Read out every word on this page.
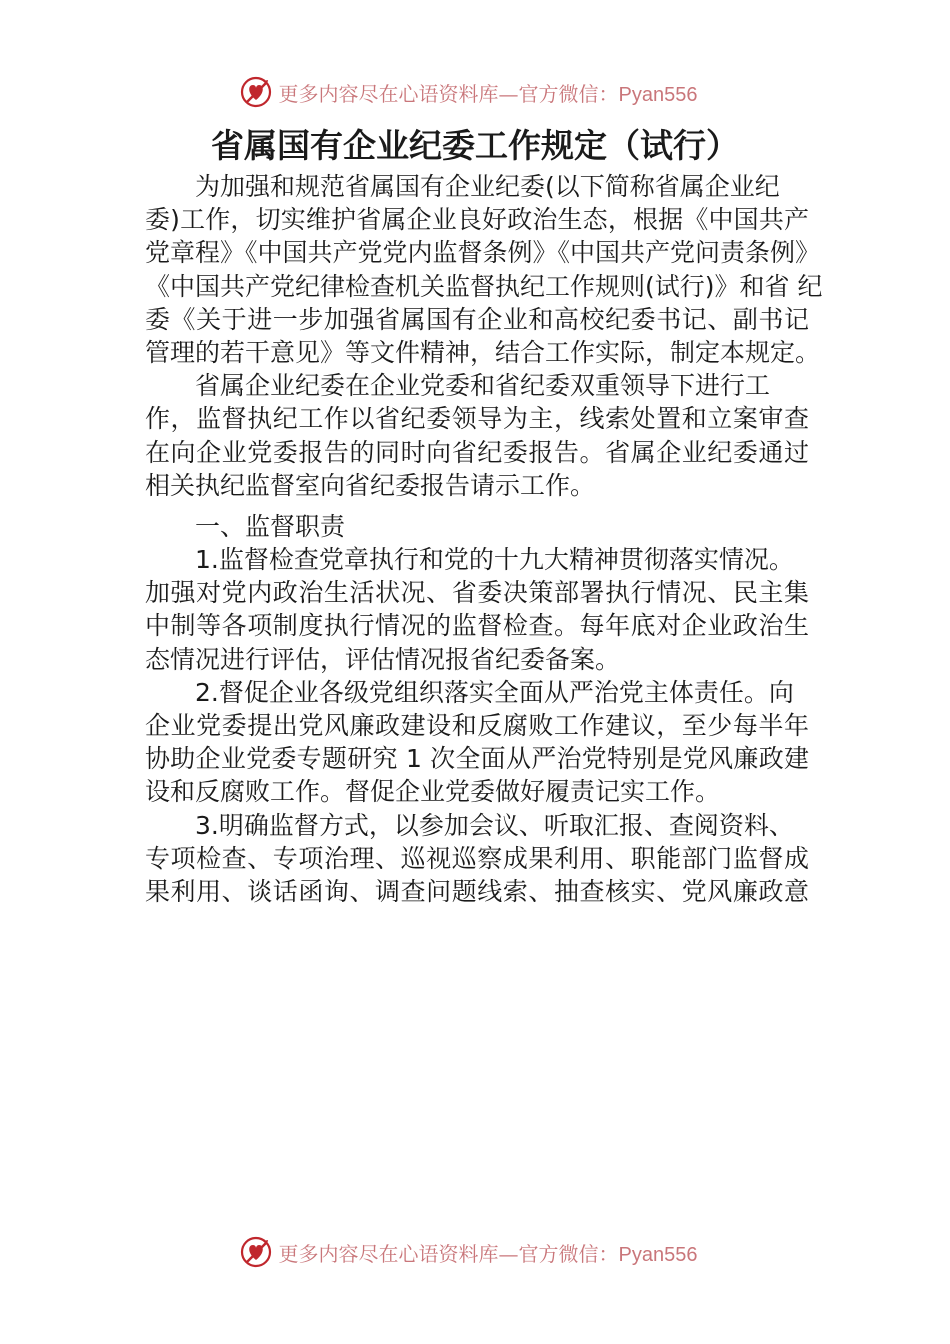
更多内容尽在心语资料库—官方微信：Pyan556
省属国有企业纪委工作规定（试行）
为加强和规范省属国有企业纪委(以下简称省属企业纪
委)工作，切实维护省属企业良好政治生态，根据《中国共产
党章程》《中国共产党党内监督条例》《中国共产党问责条例》
《中国共产党纪律检查机关监督执纪工作规则(试行)》和省 纪
委《关于进一步加强省属国有企业和高校纪委书记、副书记
管理的若干意见》等文件精神，结合工作实际，制定本规定。
省属企业纪委在企业党委和省纪委双重领导下进行工
作，监督执纪工作以省纪委领导为主，线索处置和立案审查
在向企业党委报告的同时向省纪委报告。省属企业纪委通过
相关执纪监督室向省纪委报告请示工作。
一、监督职责
1.监督检查党章执行和党的十九大精神贯彻落实情况。
加强对党内政治生活状况、省委决策部署执行情况、民主集
中制等各项制度执行情况的监督检查。每年底对企业政治生
态情况进行评估，评估情况报省纪委备案。
2.督促企业各级党组织落实全面从严治党主体责任。向
企业党委提出党风廉政建设和反腐败工作建议，至少每半年
协助企业党委专题研究 1 次全面从严治党特别是党风廉政建
设和反腐败工作。督促企业党委做好履责记实工作。
3.明确监督方式，以参加会议、听取汇报、查阅资料、
专项检查、专项治理、巡视巡察成果利用、职能部门监督成
果利用、谈话函询、调查问题线索、抽查核实、党风廉政意
更多内容尽在心语资料库—官方微信：Pyan556
